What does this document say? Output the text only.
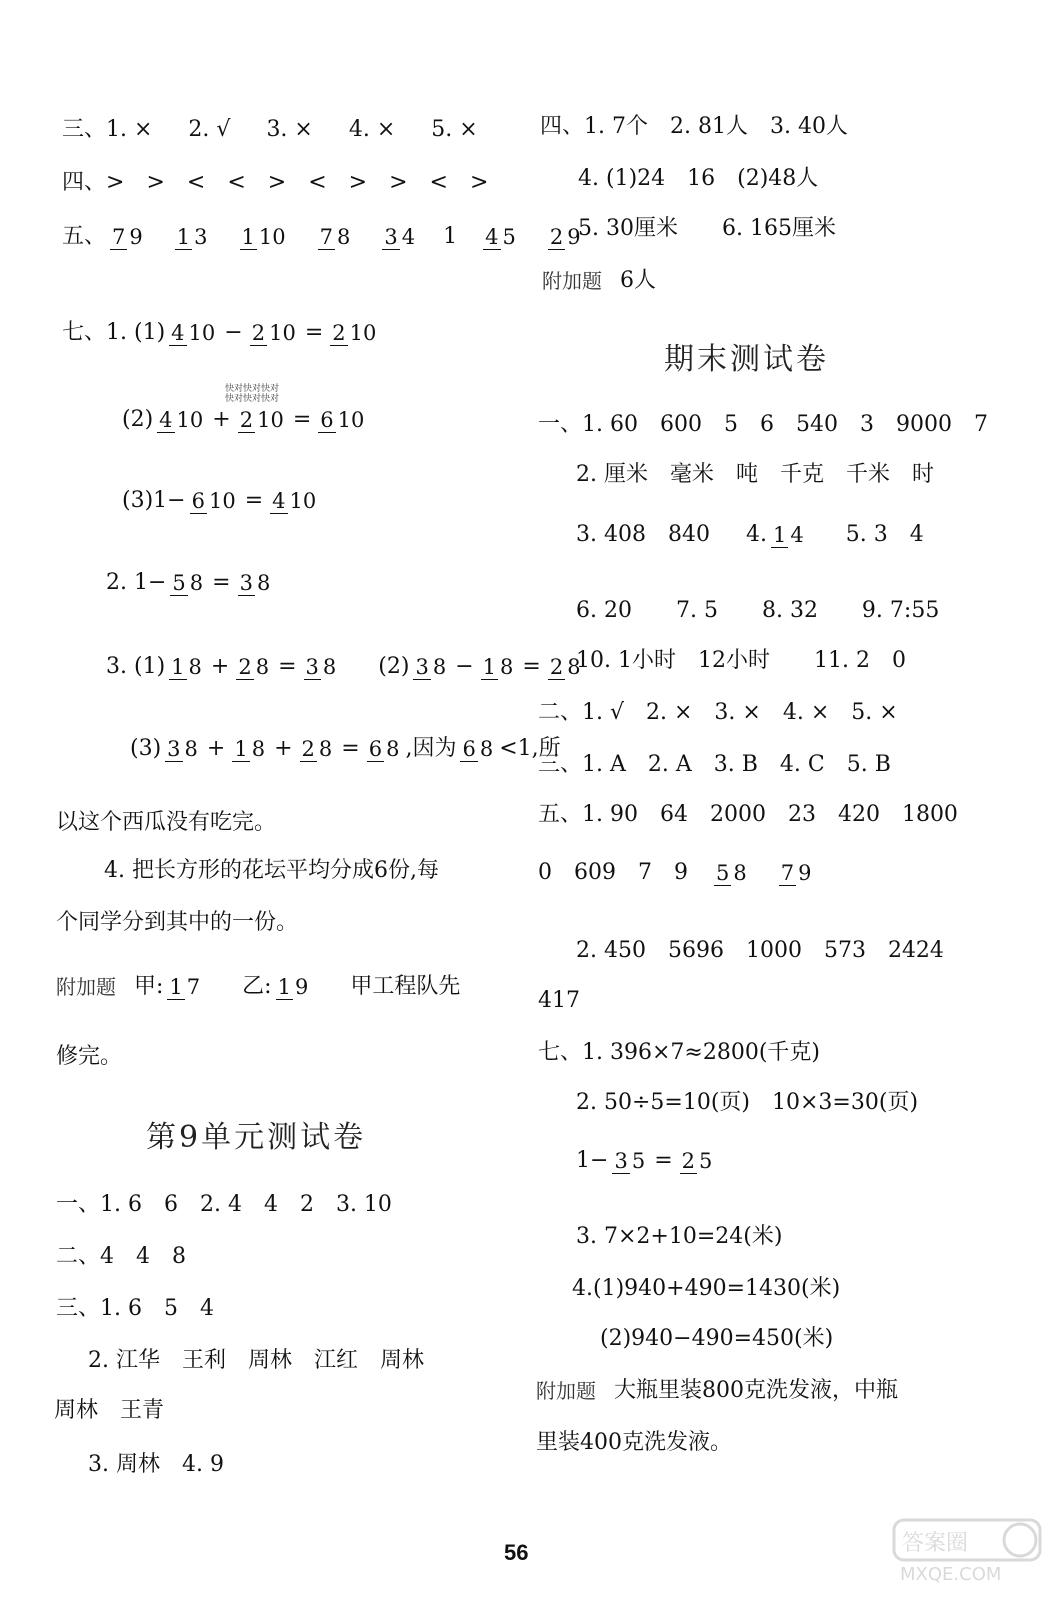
三、1. × 2. √ 3. × 4. × 5. ×
四、> > < < > < > > < >
五、 7 9 1 3 1 10 7 8 3 4 1 4 5 2 9
七、1. (1) 4 10 − 2 10 = 2 10
快对快对快对
快对快对快对
(2) 4 10 + 2 10 = 6 10
(3)1− 6 10 = 4 10
2. 1− 5 8 = 3 8
3. (1) 1 8 + 2 8 = 3 8 (2) 3 8 − 1 8 = 2 8
(3) 3 8 + 1 8 + 2 8 = 6 8 ,因为 6 8 <1,所
以这个西瓜没有吃完。
4. 把长方形的花坛平均分成6份,每
个同学分到其中的一份。
附加题 甲: 1 7 乙: 1 9 甲工程队先
修完。
第9单元测试卷
一、1. 6　6　2. 4　4　2　3. 10
二、4　4　8
三、1. 6　5　4
2. 江华　王利　周林　江红　周林
周林　王青
3. 周林　4. 9
四、1. 7个　2. 81人　3. 40人
4. (1)24　16　(2)48人
5. 30厘米　　6. 165厘米
附加题 6人
期末测试卷
一、1. 60　600　5　6　540　3　9000　7
2. 厘米　毫米　吨　千克　千米　时
3. 408　840 4. 1 4 5. 3　4
6. 20　　7. 5　　8. 32　　9. 7:55
10. 1小时　12小时　　11. 2　0
二、1. √　2. ×　3. ×　4. ×　5. ×
三、1. A　2. A　3. B　4. C　5. B
五、1. 90　64　2000　23　420　1800
0　609　7　9 5 8 7 9
2. 450　5696　1000　573　2424
417
七、1. 396×7≈2800(千克)
2. 50÷5=10(页)　10×3=30(页)
1− 3 5 = 2 5
3. 7×2+10=24(米)
4.(1)940+490=1430(米)
(2)940−490=450(米)
附加题 大瓶里装800克洗发液，中瓶
里装400克洗发液。
56	答案圈
MXQE.COM
